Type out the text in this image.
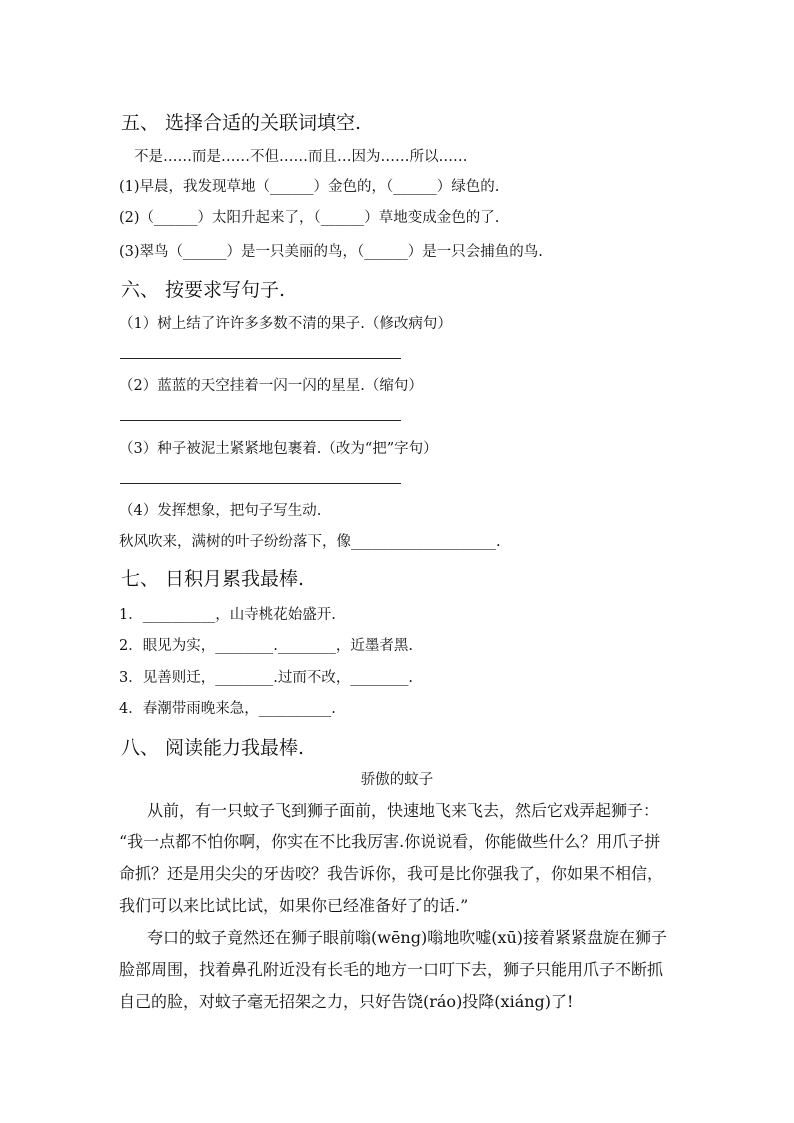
五、 选择合适的关联词填空.
不是……而是……不但……而且…因为……所以……
(1)早晨，我发现草地（______）金色的，（______）绿色的.
(2)（______）太阳升起来了，（______）草地变成金色的了.
(3)翠鸟（______）是一只美丽的鸟，（______）是一只会捕鱼的鸟.
六、 按要求写句子.
（1）树上结了许许多多数不清的果子.（修改病句）
（2）蓝蓝的天空挂着一闪一闪的星星.（缩句）
（3）种子被泥土紧紧地包裹着.（改为“把”字句）
（4）发挥想象，把句子写生动.
秋风吹来，满树的叶子纷纷落下，像____________________.
七、 日积月累我最棒.
1．__________，山寺桃花始盛开.
2．眼见为实，________.________，近墨者黑.
3．见善则迁，________.过而不改，________.
4．春潮带雨晚来急，__________.
八、 阅读能力我最棒.
骄傲的蚊子
从前，有一只蚊子飞到狮子面前，快速地飞来飞去，然后它戏弄起狮子：
“我一点都不怕你啊，你实在不比我厉害.你说说看，你能做些什么？用爪子拼
命抓？还是用尖尖的牙齿咬？我告诉你，我可是比你强我了，你如果不相信，
我们可以来比试比试，如果你已经准备好了的话.”
夸口的蚊子竟然还在狮子眼前嗡(wēng)嗡地吹嘘(xū)接着紧紧盘旋在狮子
脸部周围，找着鼻孔附近没有长毛的地方一口叮下去，狮子只能用爪子不断抓
自己的脸，对蚊子毫无招架之力，只好告饶(ráo)投降(xiáng)了!
